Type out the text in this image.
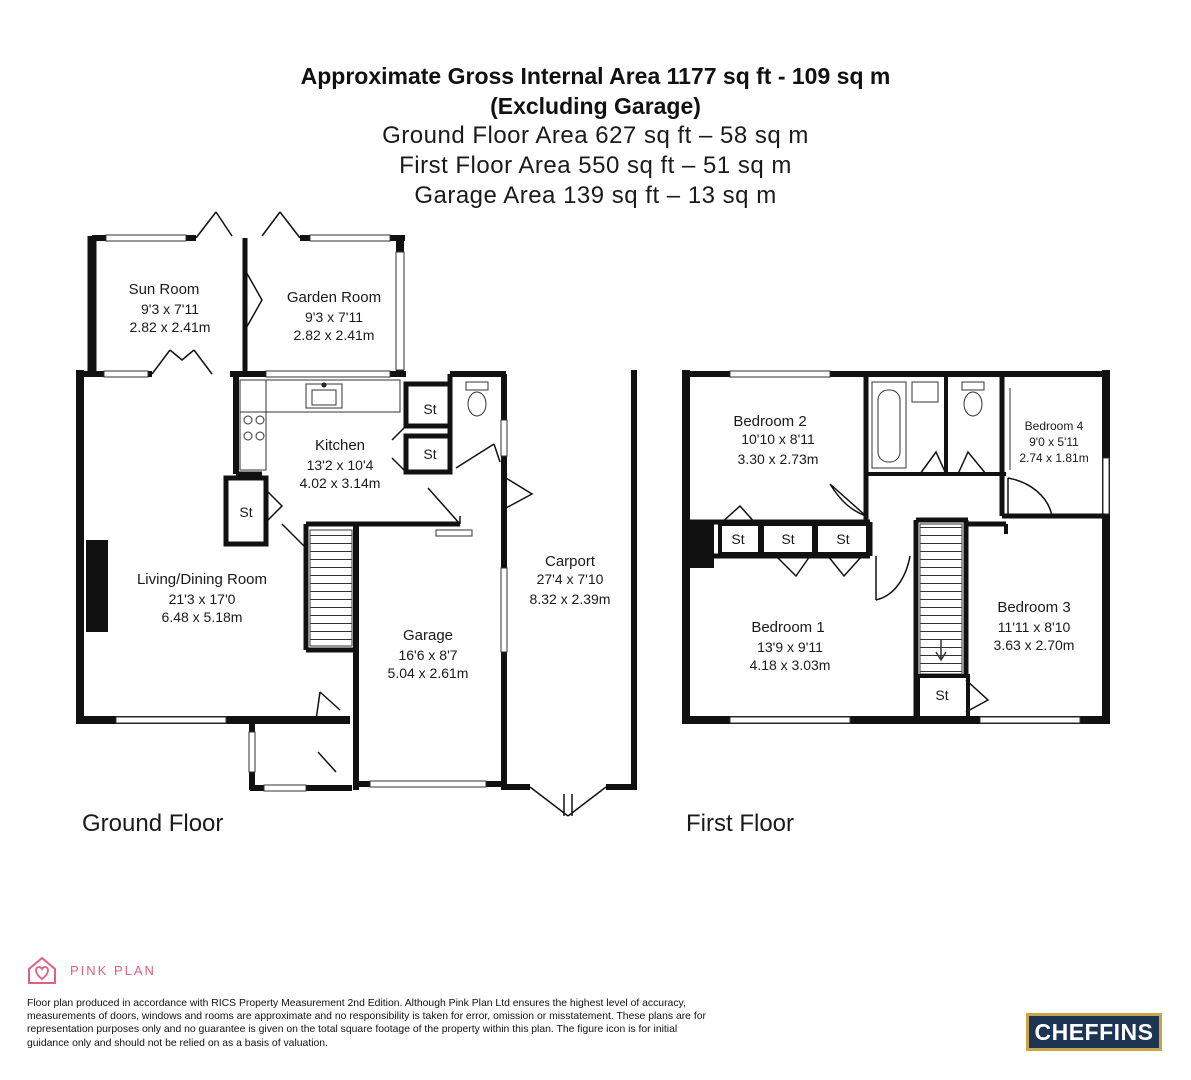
Approximate Gross Internal Area 1177 sq ft - 109 sq m
(Excluding Garage)
Ground Floor Area 627 sq ft – 58 sq m
First Floor Area 550 sq ft – 51 sq m
Garage Area 139 sq ft – 13 sq m
Sun Room
9'3 x 7'11
2.82 x 2.41m
Garden Room
9'3 x 7'11
2.82 x 2.41m
Kitchen
13'2 x 10'4
4.02 x 3.14m
Living/Dining Room
21'3 x 17'0
6.48 x 5.18m
Garage
16'6 x 8'7
5.04 x 2.61m
Carport
27'4 x 7'10
8.32 x 2.39m
Bedroom 2
10'10 x 8'11
3.30 x 2.73m
Bedroom 4
9'0 x 5'11
2.74 x 1.81m
Bedroom 1
13'9 x 9'11
4.18 x 3.03m
Bedroom 3
11'11 x 8'10
3.63 x 2.70m
St
St
St
St	St	St
St
Ground Floor	First Floor
PINK PLAN
Floor plan produced in accordance with RICS Property Measurement 2nd Edition. Although Pink Plan Ltd ensures the highest level of accuracy, measurements of doors, windows and rooms are approximate and no responsibility is taken for error, omission or misstatement. These plans are for representation purposes only and no guarantee is given on the total square footage of the property within this plan. The figure icon is for initial guidance only and should not be relied on as a basis of valuation.	CHEFFINS
